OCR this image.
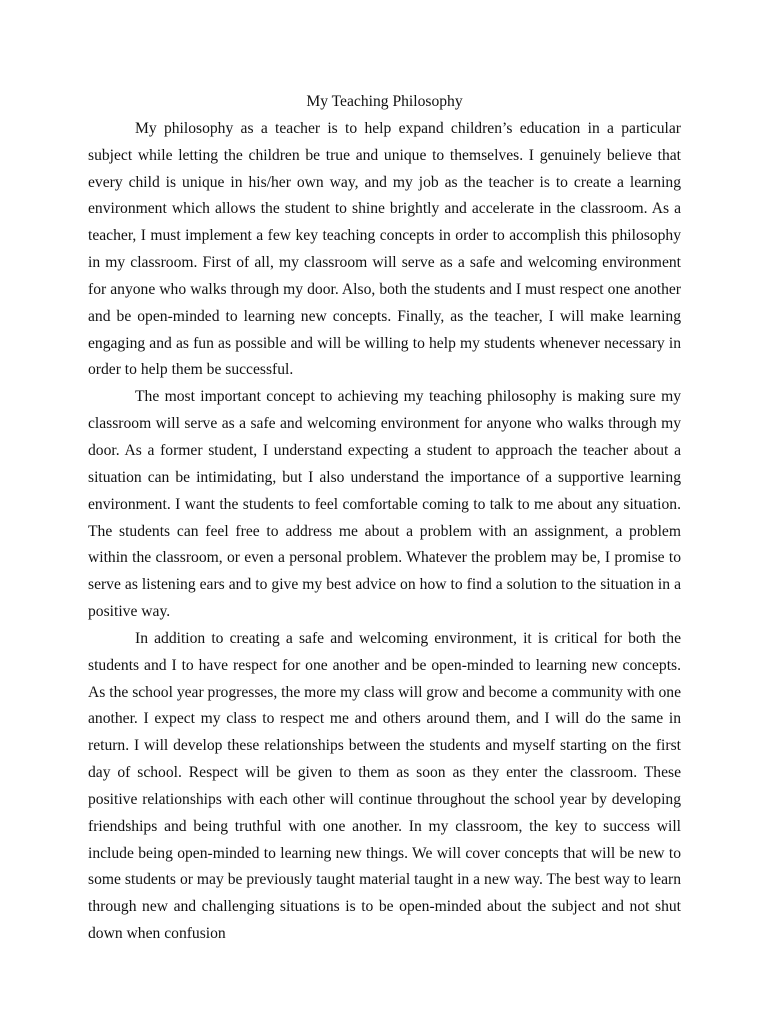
My Teaching Philosophy

My philosophy as a teacher is to help expand children’s education in a particular subject while letting the children be true and unique to themselves. I genuinely believe that every child is unique in his/her own way, and my job as the teacher is to create a learning environment which allows the student to shine brightly and accelerate in the classroom. As a teacher, I must implement a few key teaching concepts in order to accomplish this philosophy in my classroom. First of all, my classroom will serve as a safe and welcoming environment for anyone who walks through my door. Also, both the students and I must respect one another and be open-minded to learning new concepts. Finally, as the teacher, I will make learning engaging and as fun as possible and will be willing to help my students whenever necessary in order to help them be successful.

The most important concept to achieving my teaching philosophy is making sure my classroom will serve as a safe and welcoming environment for anyone who walks through my door. As a former student, I understand expecting a student to approach the teacher about a situation can be intimidating, but I also understand the importance of a supportive learning environment. I want the students to feel comfortable coming to talk to me about any situation. The students can feel free to address me about a problem with an assignment, a problem within the classroom, or even a personal problem. Whatever the problem may be, I promise to serve as listening ears and to give my best advice on how to find a solution to the situation in a positive way.

In addition to creating a safe and welcoming environment, it is critical for both the students and I to have respect for one another and be open-minded to learning new concepts. As the school year progresses, the more my class will grow and become a community with one another. I expect my class to respect me and others around them, and I will do the same in return. I will develop these relationships between the students and myself starting on the first day of school. Respect will be given to them as soon as they enter the classroom. These positive relationships with each other will continue throughout the school year by developing friendships and being truthful with one another. In my classroom, the key to success will include being open-minded to learning new things. We will cover concepts that will be new to some students or may be previously taught material taught in a new way. The best way to learn through new and challenging situations is to be open-minded about the subject and not shut down when confusion
